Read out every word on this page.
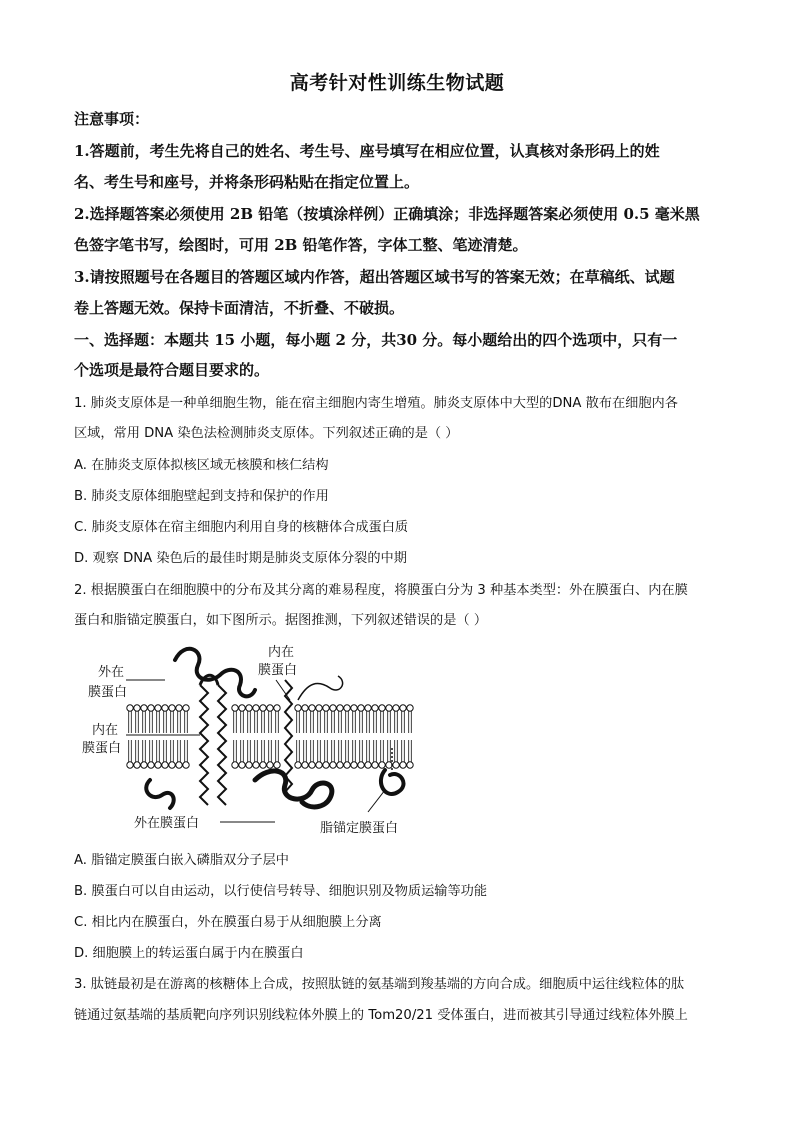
高考针对性训练生物试题
注意事项：
1.答题前，考生先将自己的姓名、考生号、座号填写在相应位置，认真核对条形码上的姓
名、考生号和座号，并将条形码粘贴在指定位置上。
2.选择题答案必须使用 2B 铅笔（按填涂样例）正确填涂；非选择题答案必须使用 0.5 毫米黑
色签字笔书写，绘图时，可用 2B 铅笔作答，字体工整、笔迹清楚。
3.请按照题号在各题目的答题区域内作答，超出答题区域书写的答案无效；在草稿纸、试题
卷上答题无效。保持卡面清洁，不折叠、不破损。
一、选择题：本题共 15 小题，每小题 2 分，共30 分。每小题给出的四个选项中，只有一
个选项是最符合题目要求的。
1. 肺炎支原体是一种单细胞生物，能在宿主细胞内寄生增殖。肺炎支原体中大型的DNA 散布在细胞内各
区域，常用 DNA 染色法检测肺炎支原体。下列叙述正确的是（ ）
A. 在肺炎支原体拟核区域无核膜和核仁结构
B. 肺炎支原体细胞壁起到支持和保护的作用
C. 肺炎支原体在宿主细胞内利用自身的核糖体合成蛋白质
D. 观察 DNA 染色后的最佳时期是肺炎支原体分裂的中期
2. 根据膜蛋白在细胞膜中的分布及其分离的难易程度，将膜蛋白分为 3 种基本类型：外在膜蛋白、内在膜
蛋白和脂锚定膜蛋白，如下图所示。据图推测，下列叙述错误的是（ ）
外在
膜蛋白
内在
膜蛋白
内在
膜蛋白
外在膜蛋白	脂锚定膜蛋白
A. 脂锚定膜蛋白嵌入磷脂双分子层中
B. 膜蛋白可以自由运动，以行使信号转导、细胞识别及物质运输等功能
C. 相比内在膜蛋白，外在膜蛋白易于从细胞膜上分离
D. 细胞膜上的转运蛋白属于内在膜蛋白
3. 肽链最初是在游离的核糖体上合成，按照肽链的氨基端到羧基端的方向合成。细胞质中运往线粒体的肽
链通过氨基端的基质靶向序列识别线粒体外膜上的 Tom20/21 受体蛋白，进而被其引导通过线粒体外膜上
